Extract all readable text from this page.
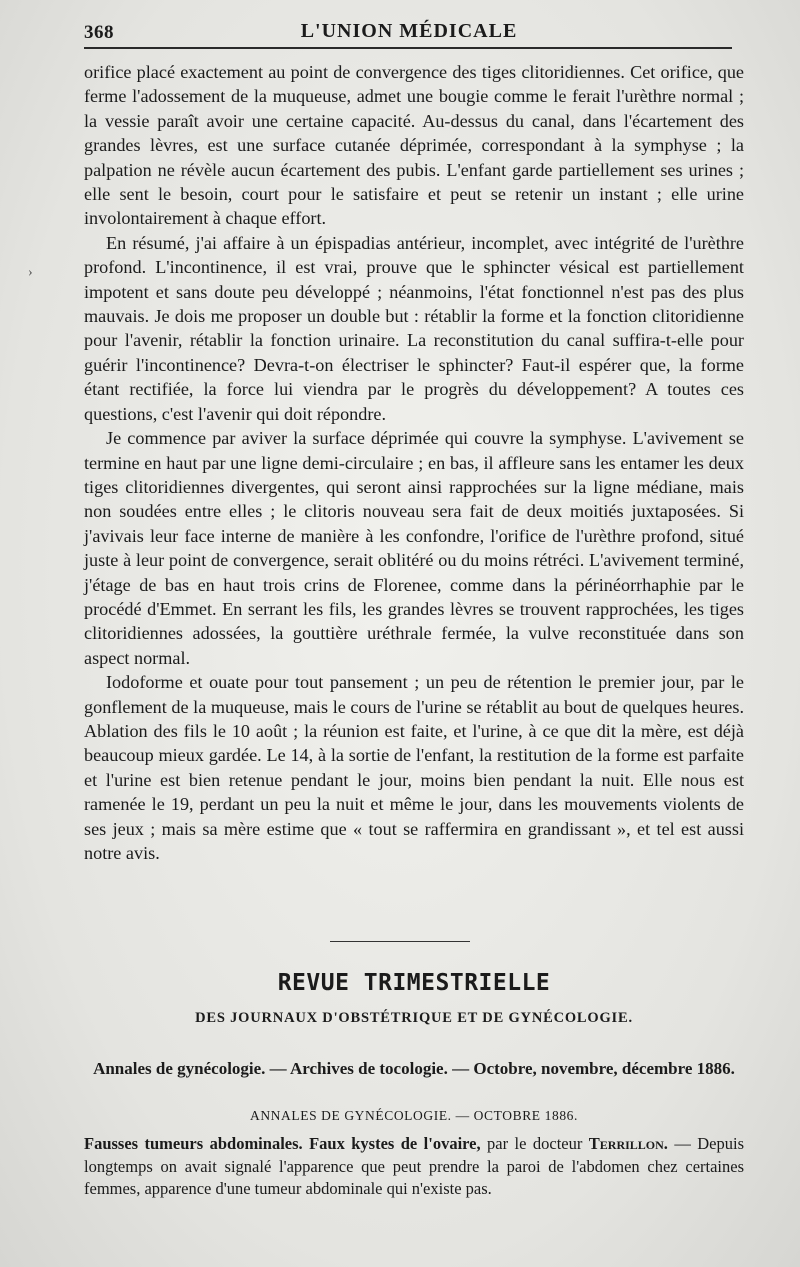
368	L'UNION MÉDICALE
›

orifice placé exactement au point de convergence des tiges clitoridiennes. Cet orifice, que ferme l'adossement de la muqueuse, admet une bougie comme le ferait l'urèthre normal ; la vessie paraît avoir une certaine capacité. Au-dessus du canal, dans l'écartement des grandes lèvres, est une surface cutanée déprimée, correspondant à la symphyse ; la palpation ne révèle aucun écartement des pubis. L'enfant garde partiellement ses urines ; elle sent le besoin, court pour le satisfaire et peut se retenir un instant ; elle urine involontairement à chaque effort.

En résumé, j'ai affaire à un épispadias antérieur, incomplet, avec intégrité de l'urèthre profond. L'incontinence, il est vrai, prouve que le sphincter vésical est partiellement impotent et sans doute peu développé ; néanmoins, l'état fonctionnel n'est pas des plus mauvais. Je dois me proposer un double but : rétablir la forme et la fonction clitoridienne pour l'avenir, rétablir la fonction urinaire. La reconstitution du canal suffira-t-elle pour guérir l'incontinence? Devra-t-on électriser le sphincter? Faut-il espérer que, la forme étant rectifiée, la force lui viendra par le progrès du développement? A toutes ces questions, c'est l'avenir qui doit répondre.

Je commence par aviver la surface déprimée qui couvre la symphyse. L'avivement se termine en haut par une ligne demi-circulaire ; en bas, il affleure sans les entamer les deux tiges clitoridiennes divergentes, qui seront ainsi rapprochées sur la ligne médiane, mais non soudées entre elles ; le clitoris nouveau sera fait de deux moitiés juxtaposées. Si j'avivais leur face interne de manière à les confondre, l'orifice de l'urèthre profond, situé juste à leur point de convergence, serait oblitéré ou du moins rétréci. L'avivement terminé, j'étage de bas en haut trois crins de Florenee, comme dans la périnéorrhaphie par le procédé d'Emmet. En serrant les fils, les grandes lèvres se trouvent rapprochées, les tiges clitoridiennes adossées, la gouttière uréthrale fermée, la vulve reconstituée dans son aspect normal.

Iodoforme et ouate pour tout pansement ; un peu de rétention le premier jour, par le gonflement de la muqueuse, mais le cours de l'urine se rétablit au bout de quelques heures. Ablation des fils le 10 août ; la réunion est faite, et l'urine, à ce que dit la mère, est déjà beaucoup mieux gardée. Le 14, à la sortie de l'enfant, la restitution de la forme est parfaite et l'urine est bien retenue pendant le jour, moins bien pendant la nuit. Elle nous est ramenée le 19, perdant un peu la nuit et même le jour, dans les mouvements violents de ses jeux ; mais sa mère estime que « tout se raffermira en grandissant », et tel est aussi notre avis.

REVUE TRIMESTRIELLE
DES JOURNAUX D'OBSTÉTRIQUE ET DE GYNÉCOLOGIE.
Annales de gynécologie. — Archives de tocologie. — Octobre, novembre, décembre 1886.
ANNALES DE GYNÉCOLOGIE. — OCTOBRE 1886.
Fausses tumeurs abdominales. Faux kystes de l'ovaire, par le docteur Terrillon. — Depuis longtemps on avait signalé l'apparence que peut prendre la paroi de l'abdomen chez certaines femmes, apparence d'une tumeur abdominale qui n'existe pas.
